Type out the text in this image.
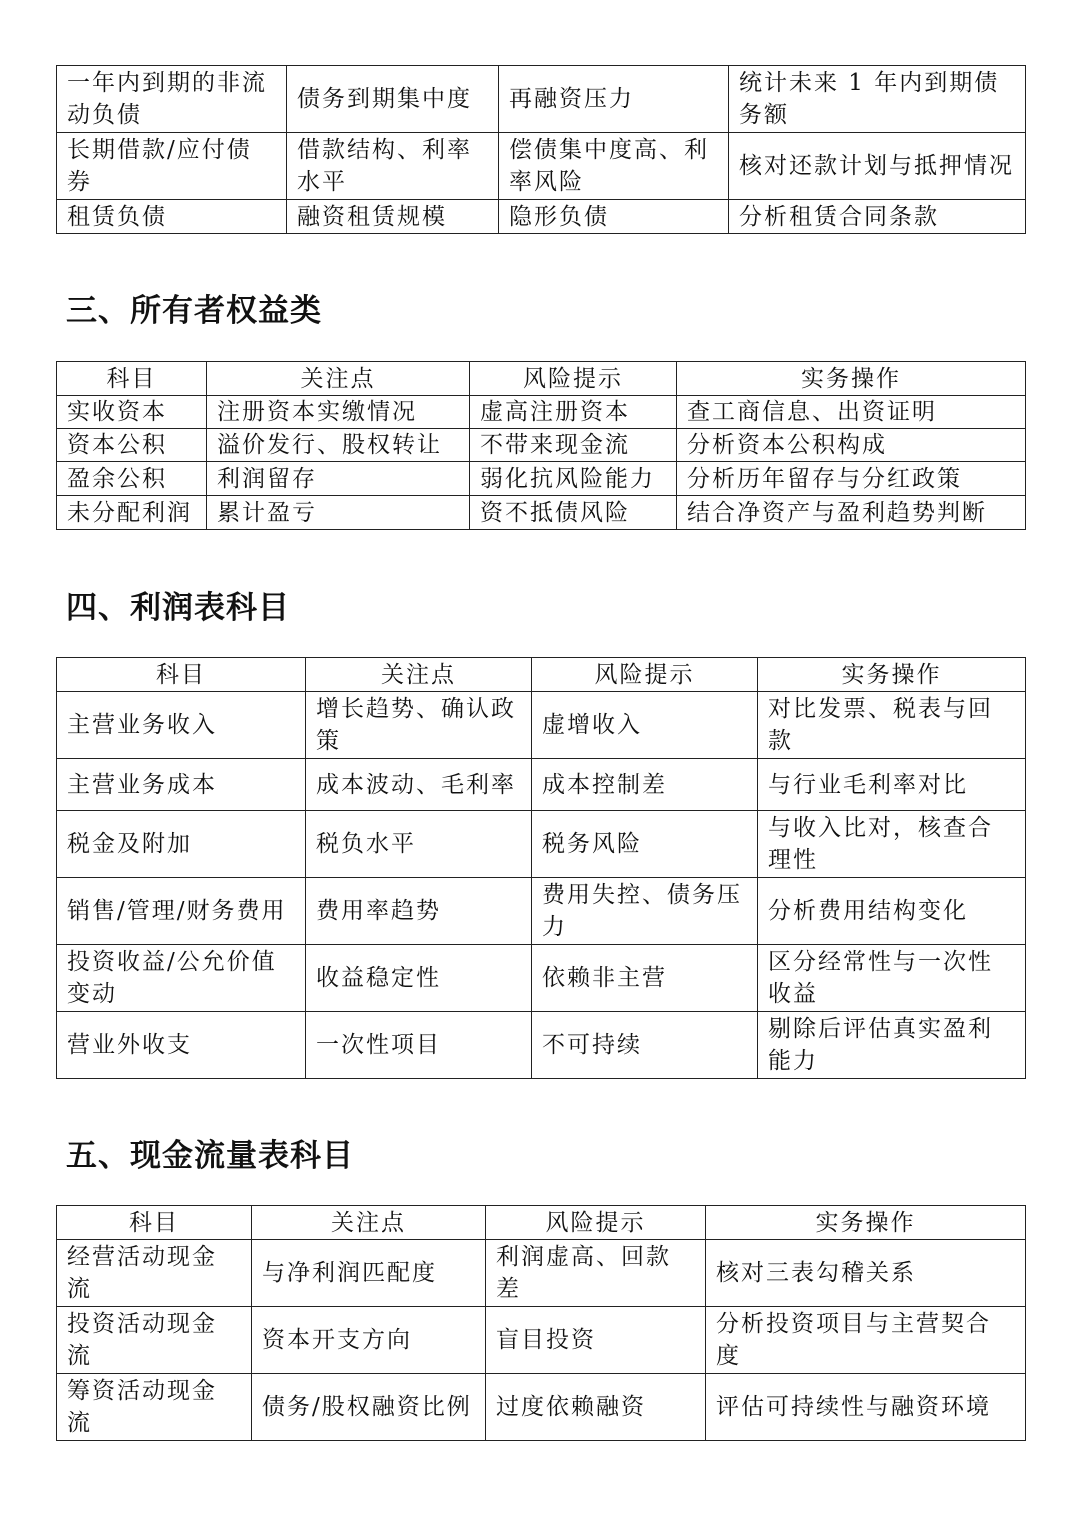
一年内到期的非流动负债	债务到期集中度	再融资压力	统计未来 1 年内到期债务额
长期借款/应付债券	借款结构、利率水平	偿债集中度高、利率风险	核对还款计划与抵押情况
租赁负债	融资租赁规模	隐形负债	分析租赁合同条款
三、所有者权益类
科目	关注点	风险提示	实务操作
实收资本	注册资本实缴情况	虚高注册资本	查工商信息、出资证明
资本公积	溢价发行、股权转让	不带来现金流	分析资本公积构成
盈余公积	利润留存	弱化抗风险能力	分析历年留存与分红政策
未分配利润	累计盈亏	资不抵债风险	结合净资产与盈利趋势判断
四、利润表科目
科目	关注点	风险提示	实务操作
主营业务收入	增长趋势、确认政策	虚增收入	对比发票、税表与回款
主营业务成本	成本波动、毛利率	成本控制差	与行业毛利率对比
税金及附加	税负水平	税务风险	与收入比对，核查合理性
销售/管理/财务费用	费用率趋势	费用失控、债务压力	分析费用结构变化
投资收益/公允价值变动	收益稳定性	依赖非主营	区分经常性与一次性收益
营业外收支	一次性项目	不可持续	剔除后评估真实盈利能力
五、现金流量表科目
科目	关注点	风险提示	实务操作
经营活动现金流	与净利润匹配度	利润虚高、回款差	核对三表勾稽关系
投资活动现金流	资本开支方向	盲目投资	分析投资项目与主营契合度
筹资活动现金流	债务/股权融资比例	过度依赖融资	评估可持续性与融资环境
